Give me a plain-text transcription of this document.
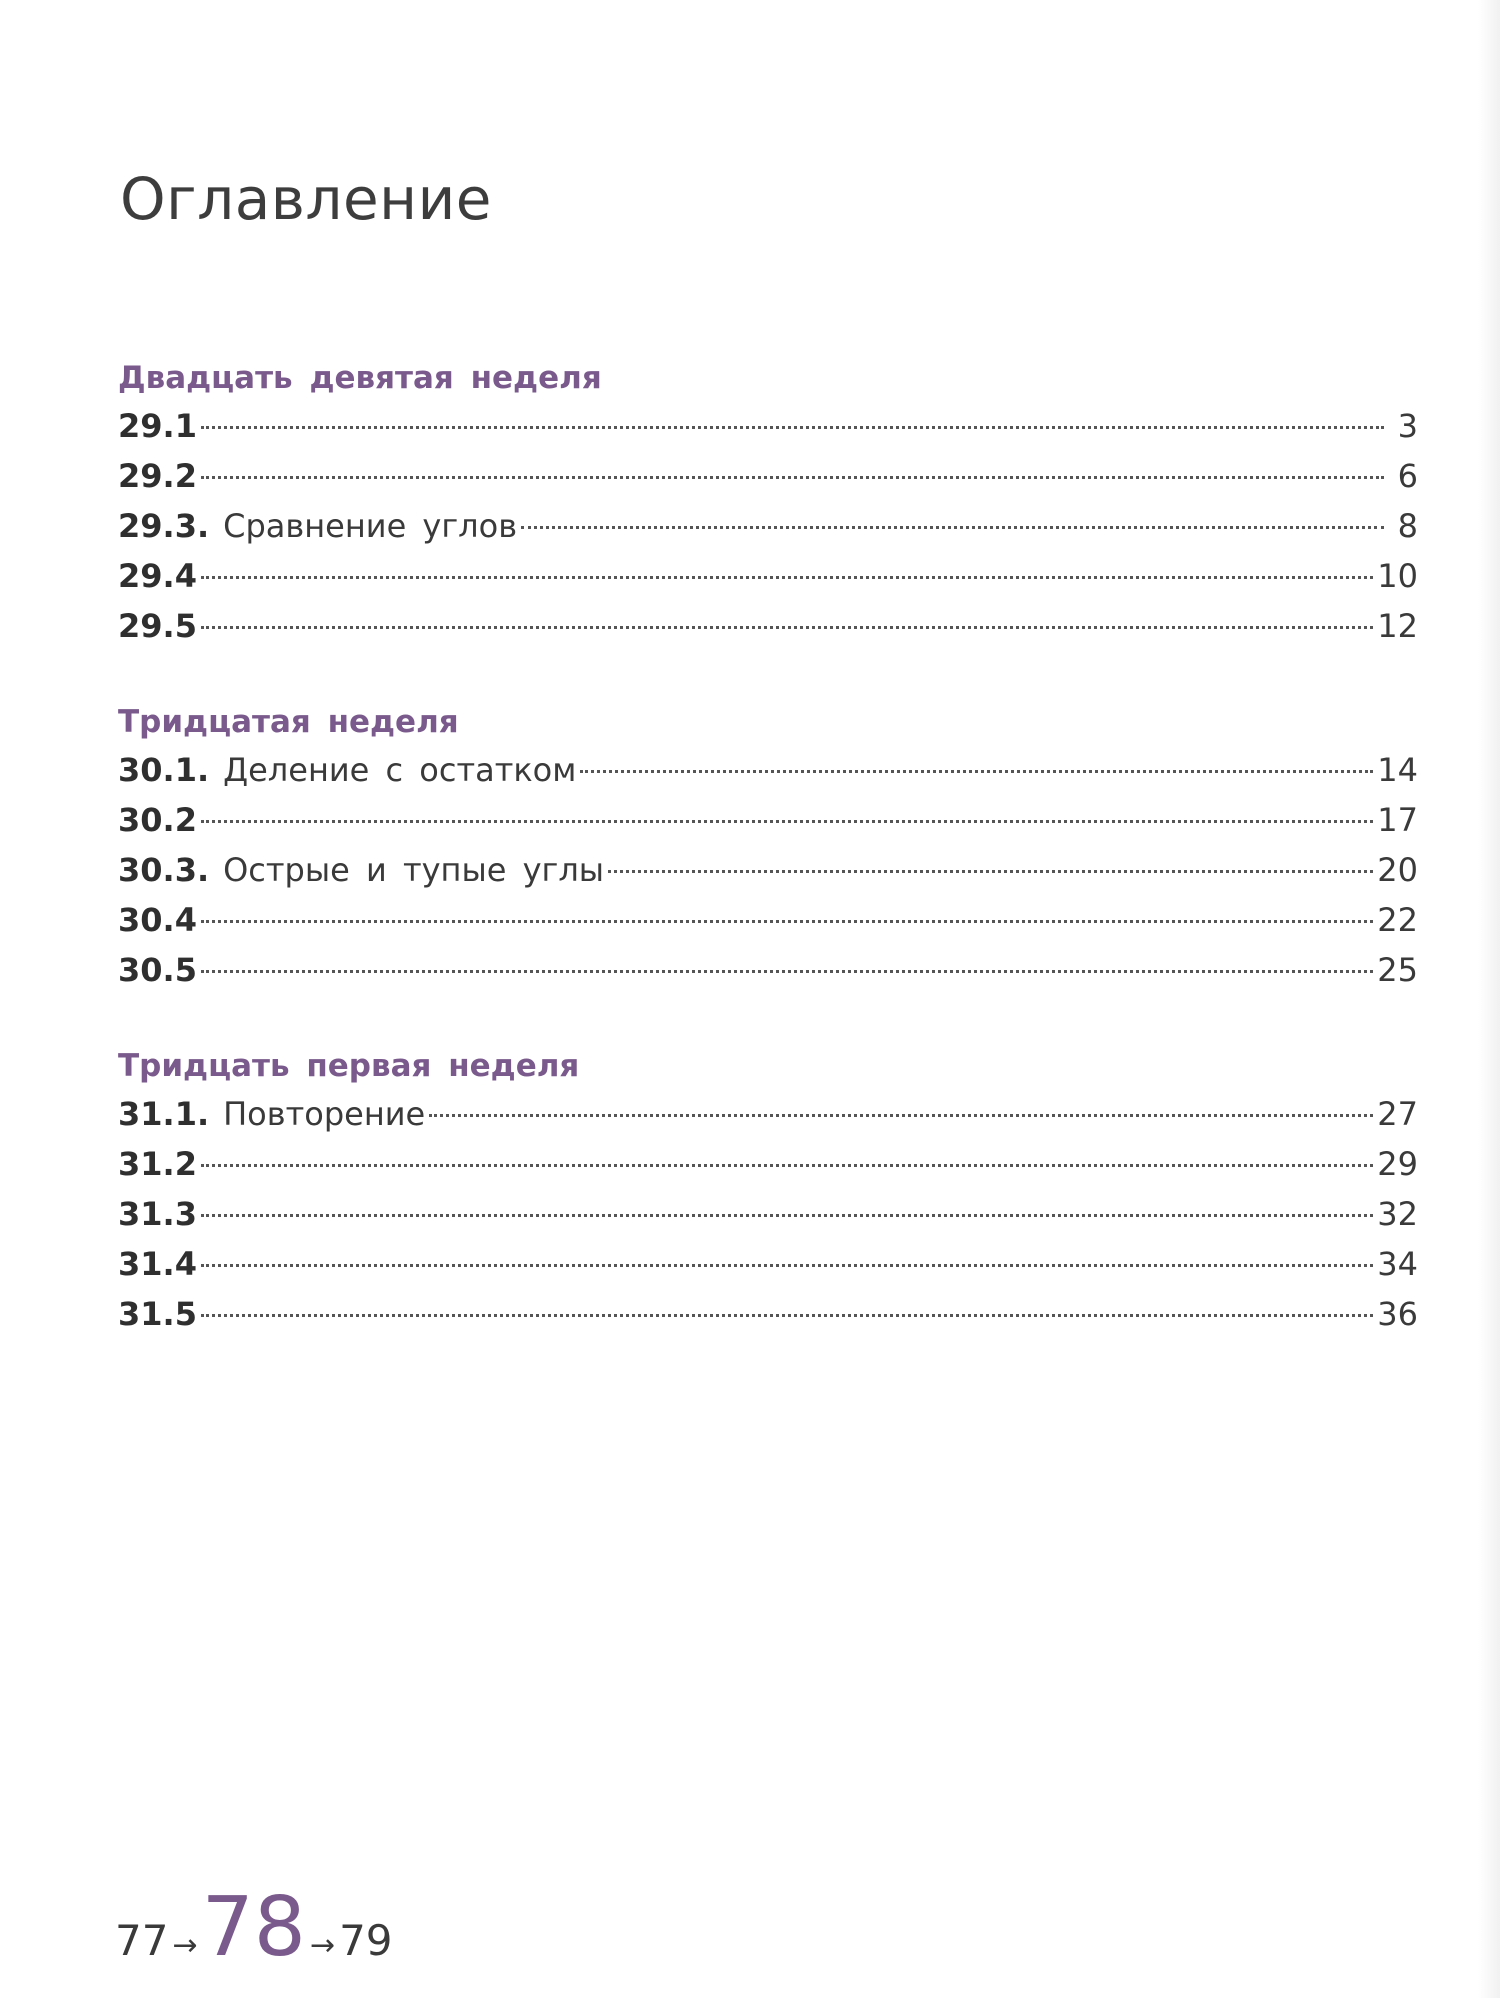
Оглавление
Двадцать девятая неделя
29.1	3
29.2	6
29.3. Сравнение углов	8
29.4	10
29.5	12
Тридцатая неделя
30.1. Деление с остатком	14
30.2	17
30.3. Острые и тупые углы	20
30.4	22
30.5	25
Тридцать первая неделя
31.1. Повторение	27
31.2	29
31.3	32
31.4	34
31.5	36
77 → 78 → 79
